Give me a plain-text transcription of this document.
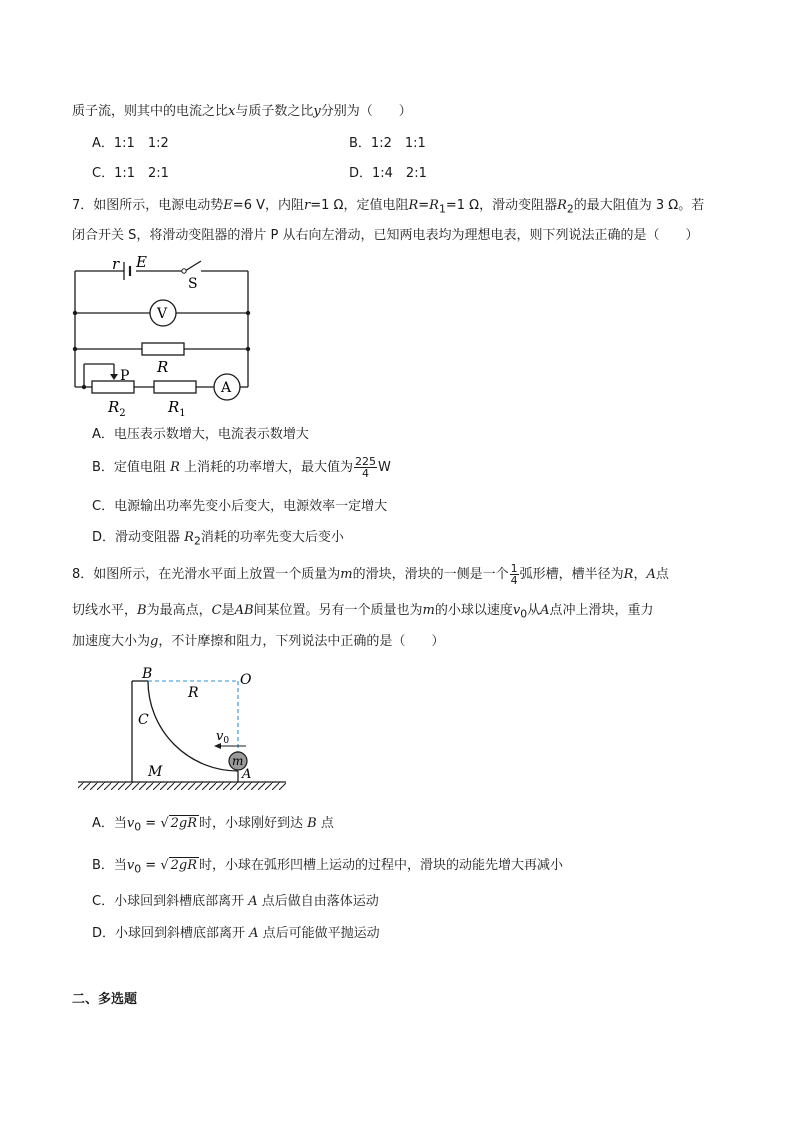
质子流，则其中的电流之比x与质子数之比y分别为（　　）
A．1:1　1:2	B．1:2　1:1
C．1:1　2:1	D．1:4　2:1
7．如图所示，电源电动势E=6 V，内阻r=1 Ω，定值电阻$R=R_1=1$ Ω，滑动变阻器$R_2$的最大阻值为 3 Ω。若
闭合开关 S，将滑动变阻器的滑片 P 从右向左滑动，已知两电表均为理想电表，则下列说法正确的是（　　）
r E
S
V
R
P
$R_2$	$R_1$
A
A．电压表示数增大，电流表示数增大
B．定值电阻 R 上消耗的功率增大，最大值为 $\frac{225}{4}$ W
C．电源输出功率先变小后变大，电源效率一定增大
D．滑动变阻器 $R_2$消耗的功率先变大后变小
8．如图所示，在光滑水平面上放置一个质量为m的滑块，滑块的一侧是一个 $\frac{1}{4}$ 弧形槽，槽半径为R，A点
切线水平，B为最高点，C是AB间某位置。另有一个质量也为m的小球以速度$v_0$从A点冲上滑块，重力
加速度大小为g，不计摩擦和阻力，下列说法中正确的是（　　）
B
R
O
C
$v_0$
M
m
A
A．当$v_0$ = √ 2gR 时，小球刚好到达 B 点
B．当$v_0$ = √ 2gR 时，小球在弧形凹槽上运动的过程中，滑块的动能先增大再减小
C．小球回到斜槽底部离开 A 点后做自由落体运动
D．小球回到斜槽底部离开 A 点后可能做平抛运动
二、多选题
